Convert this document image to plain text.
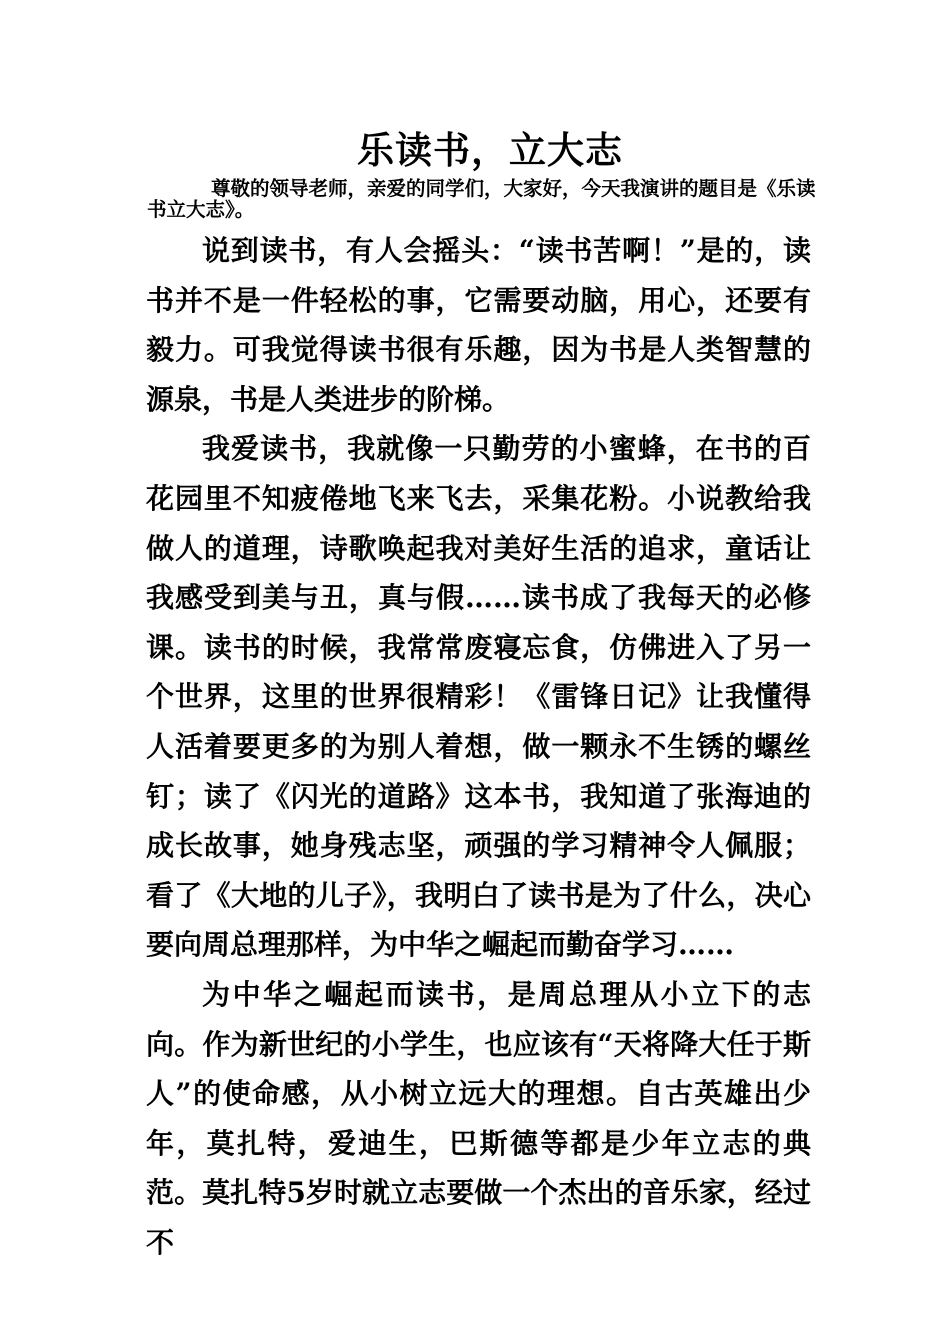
乐读书，立大志

尊敬的领导老师，亲爱的同学们，大家好，今天我演讲的题目是《乐读书立大志》。

说到读书，有人会摇头：“读书苦啊！”是的，读书并不是一件轻松的事，它需要动脑，用心，还要有毅力。可我觉得读书很有乐趣，因为书是人类智慧的源泉，书是人类进步的阶梯。

我爱读书，我就像一只勤劳的小蜜蜂，在书的百花园里不知疲倦地飞来飞去，采集花粉。小说教给我做人的道理，诗歌唤起我对美好生活的追求，童话让我感受到美与丑，真与假……读书成了我每天的必修课。读书的时候，我常常废寝忘食，仿佛进入了另一个世界，这里的世界很精彩！《雷锋日记》让我懂得人活着要更多的为别人着想，做一颗永不生锈的螺丝钉；读了《闪光的道路》这本书，我知道了张海迪的成长故事，她身残志坚，顽强的学习精神令人佩服；看了《大地的儿子》，我明白了读书是为了什么，决心要向周总理那样，为中华之崛起而勤奋学习……

为中华之崛起而读书，是周总理从小立下的志向。作为新世纪的小学生，也应该有“天将降大任于斯人”的使命感，从小树立远大的理想。自古英雄出少年，莫扎特，爱迪生，巴斯德等都是少年立志的典范。莫扎特5岁时就立志要做一个杰出的音乐家，经过不
